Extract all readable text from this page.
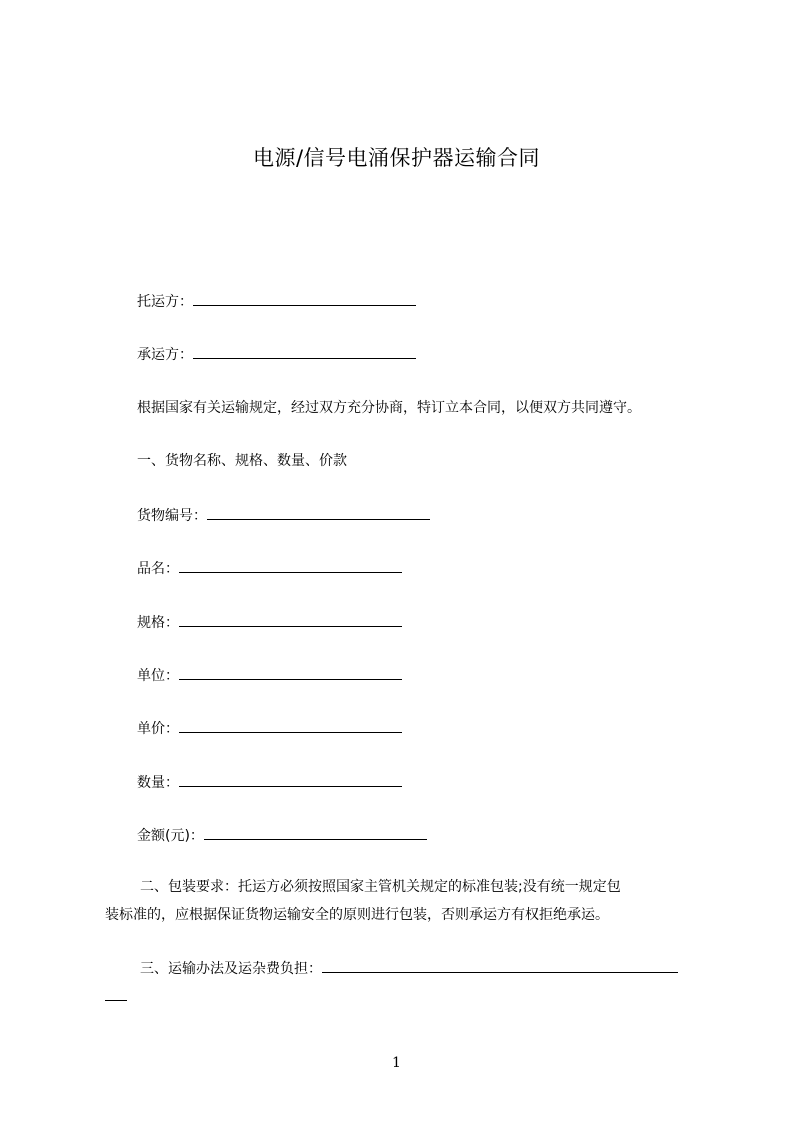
电源/信号电涌保护器运输合同
托运方：
承运方：
根据国家有关运输规定，经过双方充分协商，特订立本合同，以便双方共同遵守。
一、货物名称、规格、数量、价款
货物编号：
品名：
规格：
单位：
单价：
数量：
金额(元)：
二、包装要求：托运方必须按照国家主管机关规定的标准包装;没有统一规定包
装标准的，应根据保证货物运输安全的原则进行包装，否则承运方有权拒绝承运。
三、运输办法及运杂费负担：
1
